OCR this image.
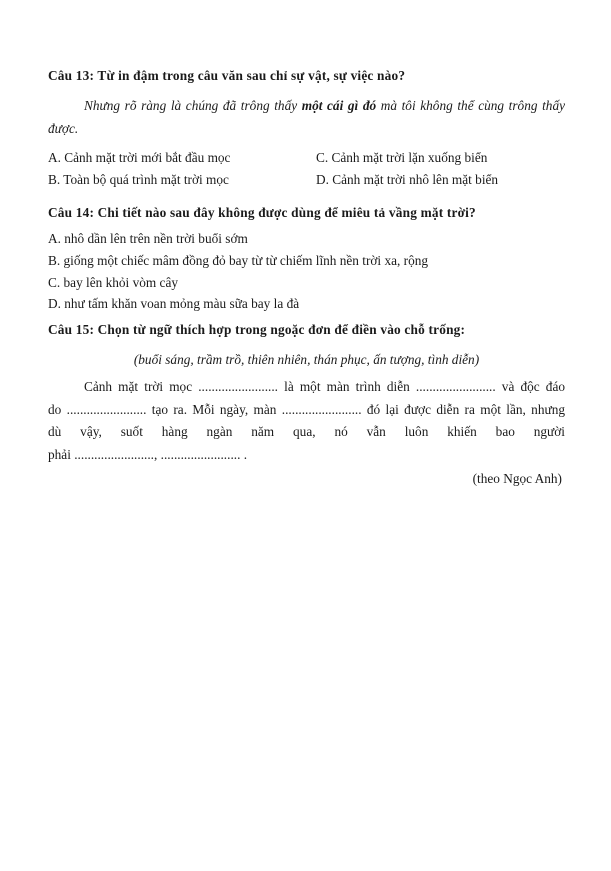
Câu 13: Từ in đậm trong câu văn sau chỉ sự vật, sự việc nào?
Nhưng rõ ràng là chúng đã trông thấy một cái gì đó mà tôi không thể cùng trông thấy
được.
A. Cảnh mặt trời mới bắt đầu mọc	C. Cảnh mặt trời lặn xuống biển
B. Toàn bộ quá trình mặt trời mọc	D. Cảnh mặt trời nhô lên mặt biển
Câu 14: Chi tiết nào sau đây không được dùng để miêu tả vầng mặt trời?
A. nhô dần lên trên nền trời buổi sớm
B. giống một chiếc mâm đồng đỏ bay từ từ chiếm lĩnh nền trời xa, rộng
C. bay lên khỏi vòm cây
D. như tấm khăn voan mỏng màu sữa bay la đà
Câu 15: Chọn từ ngữ thích hợp trong ngoặc đơn để điền vào chỗ trống:
(buổi sáng, trầm trồ, thiên nhiên, thán phục, ấn tượng, tình diễn)
Cảnh mặt trời mọc ........................ là một màn trình diễn ........................ và độc đáo
do ........................ tạo ra. Mỗi ngày, màn ........................ đó lại được diễn ra một lần, nhưng
dù vậy, suốt hàng ngàn năm qua, nó vẫn luôn khiến bao người
phải ........................, ........................ .
(theo Ngọc Anh)
